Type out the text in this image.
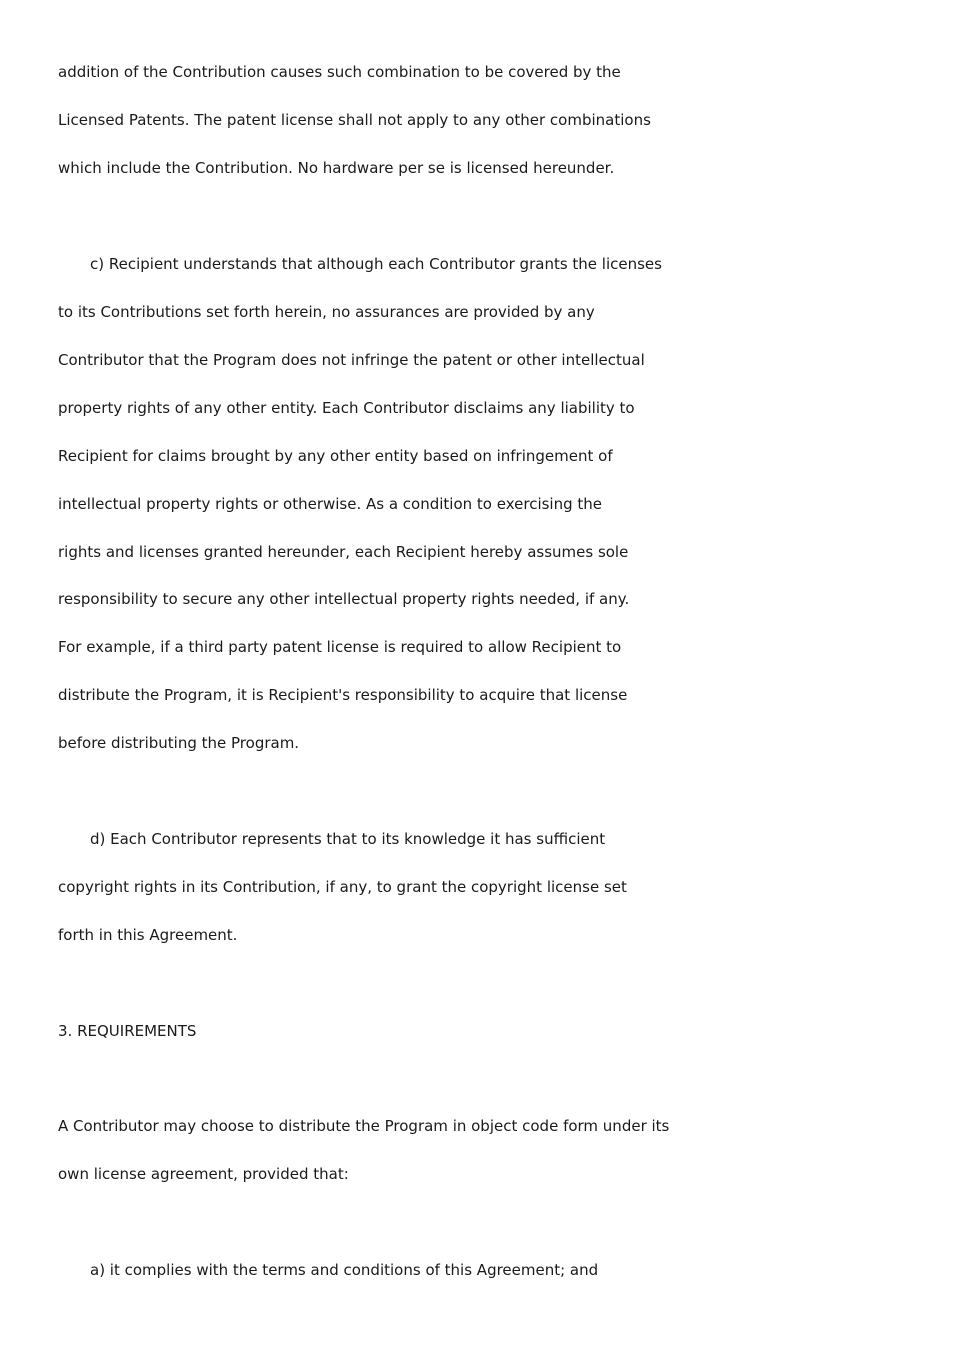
addition of the Contribution causes such combination to be covered by the

Licensed Patents. The patent license shall not apply to any other combinations

which include the Contribution. No hardware per se is licensed hereunder.

c) Recipient understands that although each Contributor grants the licenses

to its Contributions set forth herein, no assurances are provided by any

Contributor that the Program does not infringe the patent or other intellectual

property rights of any other entity. Each Contributor disclaims any liability to

Recipient for claims brought by any other entity based on infringement of

intellectual property rights or otherwise. As a condition to exercising the

rights and licenses granted hereunder, each Recipient hereby assumes sole

responsibility to secure any other intellectual property rights needed, if any.

For example, if a third party patent license is required to allow Recipient to

distribute the Program, it is Recipient's responsibility to acquire that license

before distributing the Program.

d) Each Contributor represents that to its knowledge it has sufficient

copyright rights in its Contribution, if any, to grant the copyright license set

forth in this Agreement.

3. REQUIREMENTS

A Contributor may choose to distribute the Program in object code form under its

own license agreement, provided that:

a) it complies with the terms and conditions of this Agreement; and
